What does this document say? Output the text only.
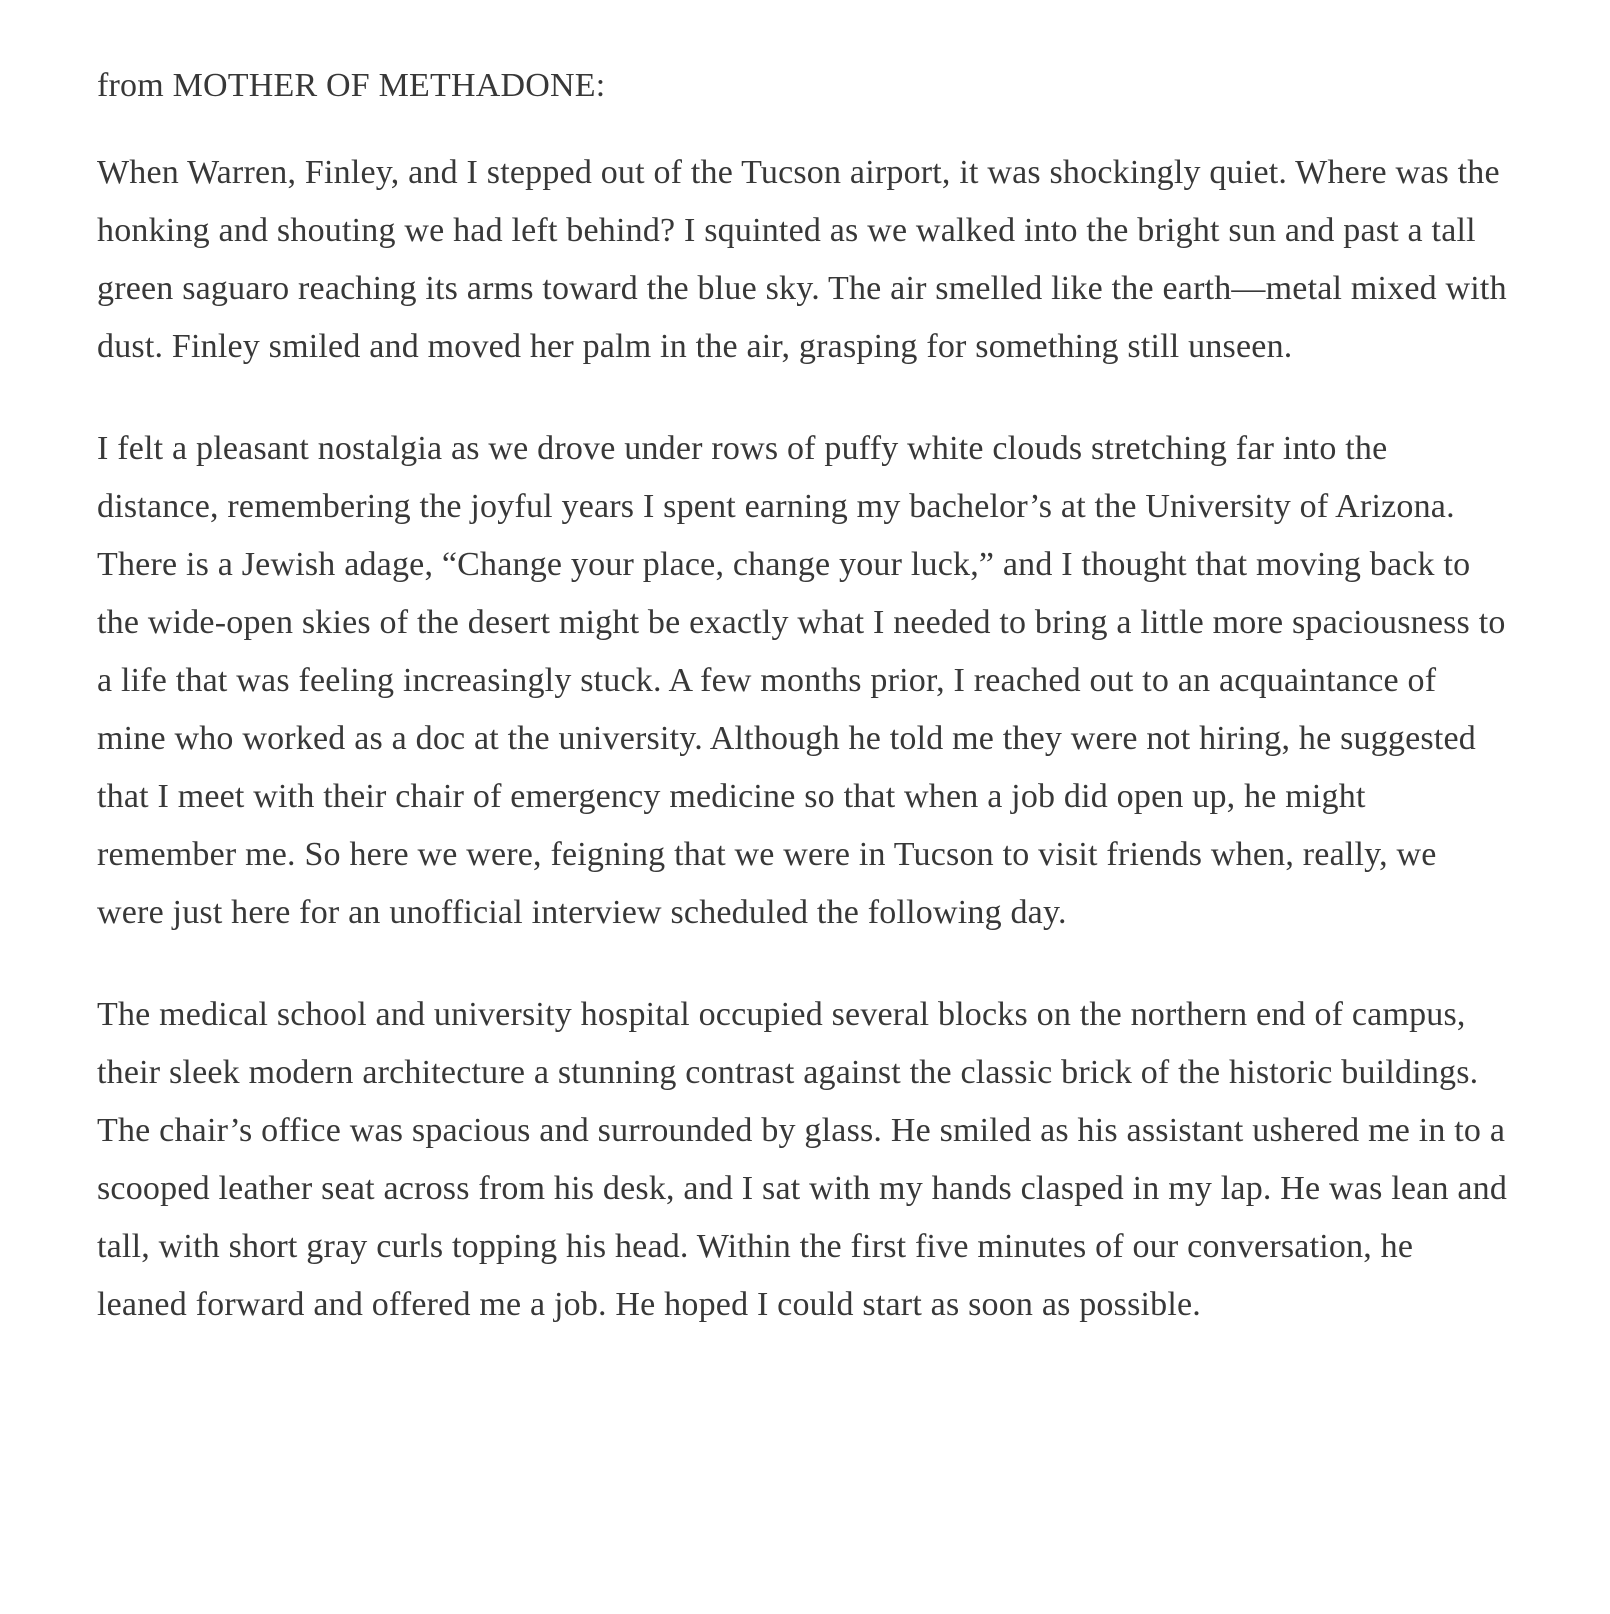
from MOTHER OF METHADONE:

When Warren, Finley, and I stepped out of the Tucson airport, it was shockingly quiet. Where was the honking and shouting we had left behind? I squinted as we walked into the bright sun and past a tall green saguaro reaching its arms toward the blue sky. The air smelled like the earth—metal mixed with dust. Finley smiled and moved her palm in the air, grasping for something still unseen.

I felt a pleasant nostalgia as we drove under rows of puffy white clouds stretching far into the distance, remembering the joyful years I spent earning my bachelor’s at the University of Arizona. There is a Jewish adage, “Change your place, change your luck,” and I thought that moving back to the wide-open skies of the desert might be exactly what I needed to bring a little more spaciousness to a life that was feeling increasingly stuck. A few months prior, I reached out to an acquaintance of mine who worked as a doc at the university. Although he told me they were not hiring, he suggested that I meet with their chair of emergency medicine so that when a job did open up, he might remember me. So here we were, feigning that we were in Tucson to visit friends when, really, we were just here for an unofficial interview scheduled the following day.

The medical school and university hospital occupied several blocks on the northern end of campus, their sleek modern architecture a stunning contrast against the classic brick of the historic buildings. The chair’s office was spacious and surrounded by glass. He smiled as his assistant ushered me in to a scooped leather seat across from his desk, and I sat with my hands clasped in my lap. He was lean and tall, with short gray curls topping his head. Within the first five minutes of our conversation, he leaned forward and offered me a job. He hoped I could start as soon as possible.
